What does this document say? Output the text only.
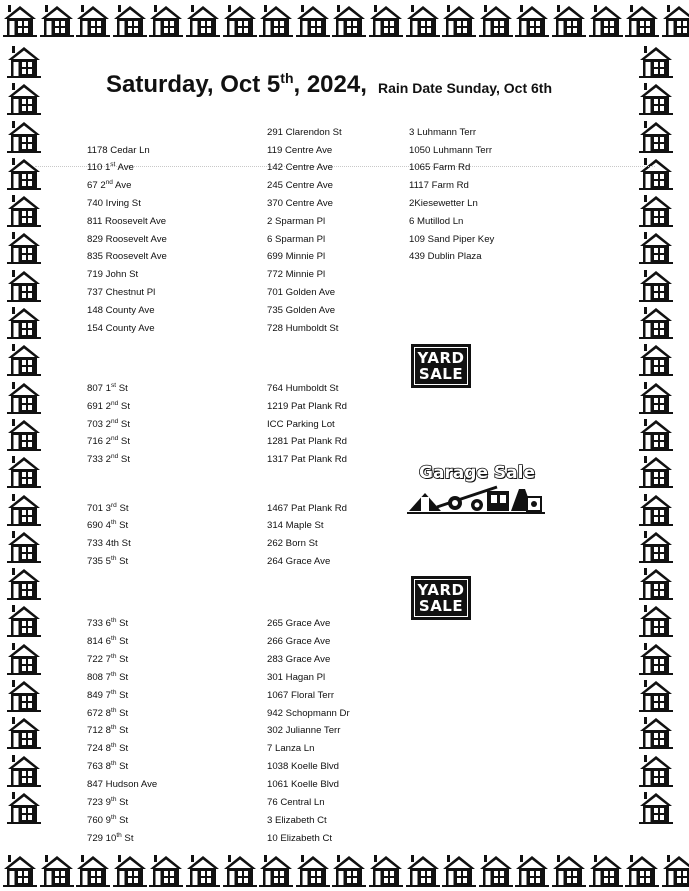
Saturday, Oct 5th, 2024, Rain Date Sunday, Oct 6th
1178 Cedar Ln
110 1st Ave
67 2nd Ave
740 Irving St
811 Roosevelt Ave
829 Roosevelt Ave
835 Roosevelt Ave
719 John St
737 Chestnut Pl
148 County Ave
154 County Ave
807 1st St
691 2nd St
703 2nd St
716 2nd St
733 2nd St
701 3rd St
690 4th St
733 4th St
735 5th St
733 6th St
814 6th St
722 7th St
808 7th St
849 7th St
672 8th St
712 8th St
724 8th St
763 8th St
847 Hudson Ave
723 9th St
760 9th St
729 10th St
291 Clarendon St
119 Centre Ave
142 Centre Ave
245 Centre Ave
370 Centre Ave
2 Sparman Pl
6 Sparman Pl
699 Minnie Pl
772 Minnie Pl
701 Golden Ave
735 Golden Ave
728 Humboldt St
764 Humboldt St
1219 Pat Plank Rd
ICC Parking Lot
1281 Pat Plank Rd
1317 Pat Plank Rd
1467 Pat Plank Rd
314 Maple St
262 Born St
264 Grace Ave
265 Grace Ave
266 Grace Ave
283 Grace Ave
301 Hagan Pl
1067 Floral Terr
942 Schopmann Dr
302 Julianne Terr
7 Lanza Ln
1038 Koelle Blvd
1061 Koelle Blvd
76 Central Ln
3 Elizabeth Ct
10 Elizabeth Ct
3 Luhmann Terr
1050 Luhmann Terr
1065 Farm Rd
1117 Farm Rd
2Kiesewetter Ln
6 Mutillod Ln
109 Sand Piper Key
439 Dublin Plaza
YARD
SALE
Garage Sale
YARD
SALE
